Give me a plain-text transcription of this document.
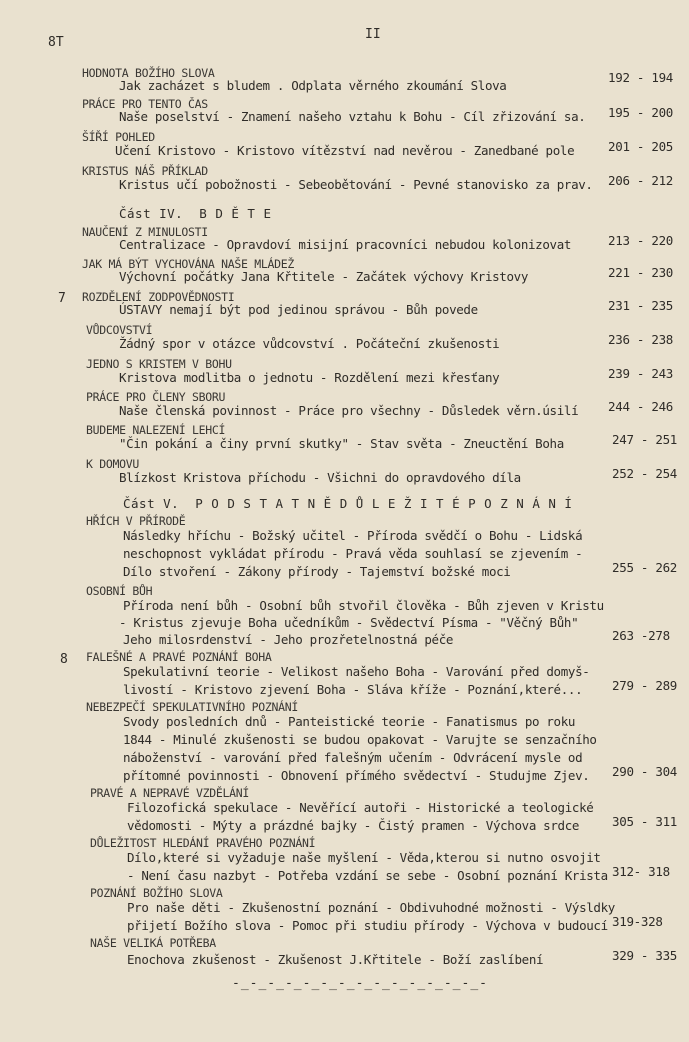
8T
II
7
8
HODNOTA BOŽÍHO SLOVA
Jak zacházet s bludem . Odplata věrného zkoumání Slova
192 - 194
PRÁCE PRO TENTO ČAS
Naše poselství - Znamení našeho vztahu k Bohu - Cíl zřizování sa. 195 - 200
ŠÍŘÍ POHLED
Učení Kristovo - Kristovo vítězství nad nevěrou - Zanedbané pole	201 - 205
KRISTUS NÁŠ PŘÍKLAD
Kristus učí pobožnosti - Sebeobětování - Pevné stanovisko za prav. 206 - 212
Část IV. B D Ě T E
NAUČENÍ Z MINULOSTI
Centralizace - Opravdoví misijní pracovníci nebudou kolonizovat	213 - 220
JAK MÁ BÝT VYCHOVÁNA NAŠE MLÁDEŽ
Výchovní počátky Jana Křtitele - Začátek výchovy Kristovy	221 - 230
ROZDĚLENÍ ZODPOVĚDNOSTI
ÚSTAVY nemají být pod jedinou správou - Bůh povede	231 - 235
VŮDCOVSTVÍ
Žádný spor v otázce vůdcovství . Počáteční zkušenosti	236 - 238
JEDNO S KRISTEM V BOHU
Kristova modlitba o jednotu - Rozdělení mezi křesťany	239 - 243
PRÁCE PRO ČLENY SBORU
Naše členská povinnost - Práce pro všechny - Důsledek věrn.úsilí 244 - 246
BUDEME NALEZENÍ LEHCÍ
"Čin pokání a činy první skutky" - Stav světa - Zneuctění Boha	247 - 251
K DOMOVU
Blízkost Kristova příchodu - Všichni do opravdového díla	252 - 254
Část V. P O D S T A T N Ě D Ů L E Ž I T É P O Z N Á N Í
HŘÍCH V PŘÍRODĚ
Následky hříchu - Božský učitel - Příroda svědčí o Bohu - Lidská
neschopnost vykládat přírodu - Pravá věda souhlasí se zjevením -
Dílo stvoření - Zákony přírody - Tajemství božské moci	255 - 262
OSOBNÍ BŮH
Příroda není bůh - Osobní bůh stvořil člověka - Bůh zjeven v Kristu
- Kristus zjevuje Boha učedníkům - Svědectví Písma - "Věčný Bůh"
Jeho milosrdenství - Jeho prozřetelnostná péče	263 -278
FALEŠNÉ A PRAVÉ POZNÁNÍ BOHA
Spekulativní teorie - Velikost našeho Boha - Varování před domyš-
livostí - Kristovo zjevení Boha - Sláva kříže - Poznání,které... 279 - 289
NEBEZPEČÍ SPEKULATIVNÍHO POZNÁNÍ
Svody posledních dnů - Panteistické teorie - Fanatismus po roku
1844 - Minulé zkušenosti se budou opakovat - Varujte se senzačního
náboženství - varování před falešným učením - Odvrácení mysle od
přítomné povinnosti - Obnovení přímého svědectví - Studujme Zjev. 290 - 304
PRAVÉ A NEPRAVÉ VZDĚLÁNÍ
Filozofická spekulace - Nevěřící autoři - Historické a teologické
vědomosti - Mýty a prázdné bajky - Čistý pramen - Výchova srdce	305 - 311
DŮLEŽITOST HLEDÁNÍ PRAVÉHO POZNÁNÍ
Dílo,které si vyžaduje naše myšlení - Věda,kterou si nutno osvojit
- Není času nazbyt - Potřeba vzdání se sebe - Osobní poznání Krista 312- 318
POZNÁNÍ BOŽÍHO SLOVA
Pro naše děti - Zkušenostní poznání - Obdivuhodné možnosti - Výsldky
přijetí Božího slova - Pomoc při studiu přírody - Výchova v budoucí 319-328
NAŠE VELIKÁ POTŘEBA
Enochova zkušenost - Zkušenost J.Křtitele - Boží zaslíbení	329 - 335
-_-_-_-_-_-_-_-_-_-_-_-_-_-_-
